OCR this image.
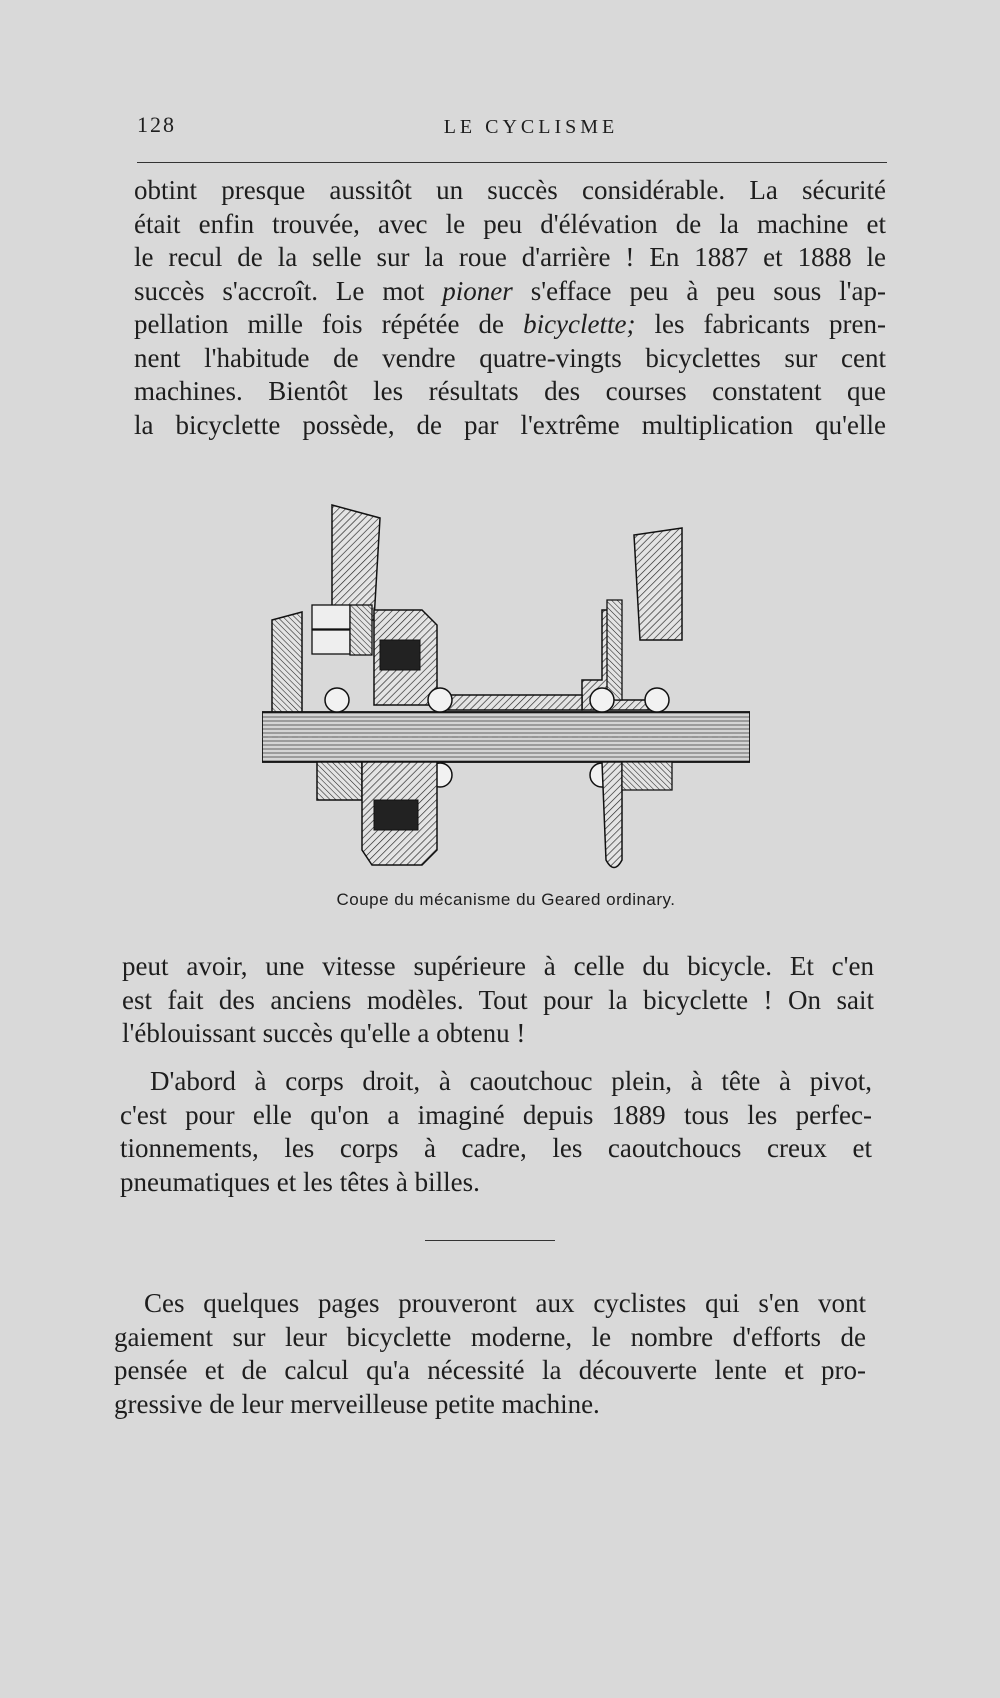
128	LE CYCLISME
obtint presque aussitôt un succès considérable. La sécurité
était enfin trouvée, avec le peu d'élévation de la machine et
le recul de la selle sur la roue d'arrière ! En 1887 et 1888 le
succès s'accroît. Le mot pioner s'efface peu à peu sous l'ap-
pellation mille fois répétée de bicyclette; les fabricants pren-
nent l'habitude de vendre quatre-vingts bicyclettes sur cent
machines. Bientôt les résultats des courses constatent que
la bicyclette possède, de par l'extrême multiplication qu'elle
Coupe du mécanisme du Geared ordinary.
peut avoir, une vitesse supérieure à celle du bicycle. Et c'en
est fait des anciens modèles. Tout pour la bicyclette ! On sait
l'éblouissant succès qu'elle a obtenu !
D'abord à corps droit, à caoutchouc plein, à tête à pivot,
c'est pour elle qu'on a imaginé depuis 1889 tous les perfec-
tionnements, les corps à cadre, les caoutchoucs creux et
pneumatiques et les têtes à billes.
Ces quelques pages prouveront aux cyclistes qui s'en vont
gaiement sur leur bicyclette moderne, le nombre d'efforts de
pensée et de calcul qu'a nécessité la découverte lente et pro-
gressive de leur merveilleuse petite machine.
